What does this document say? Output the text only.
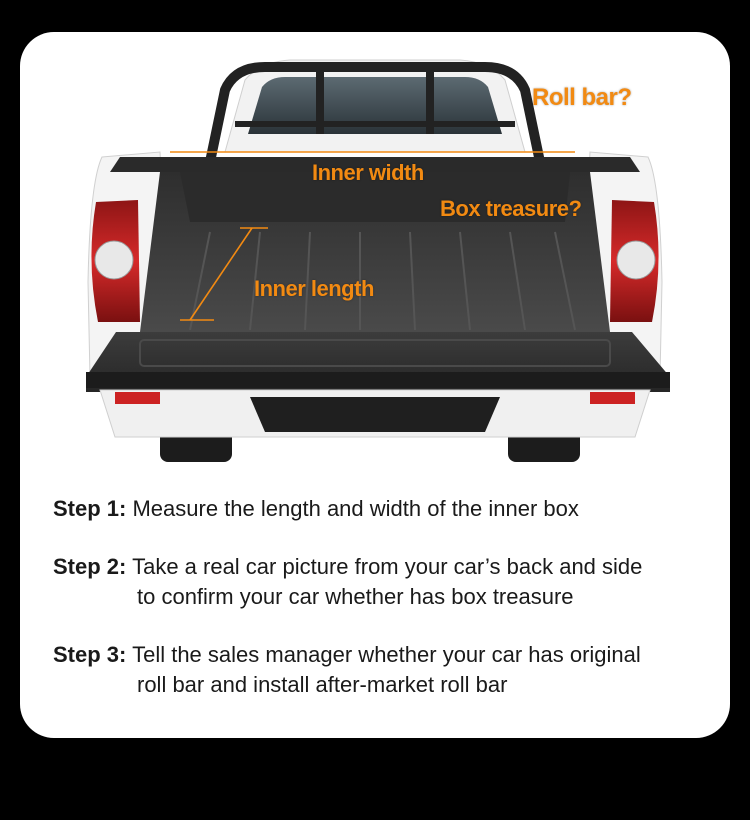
Roll bar?
Inner width
Box treasure?
Inner length
Step 1: Measure the length and width of the inner box
Step 2: Take a real car picture from your car’s back and side
to confirm your car whether has box treasure
Step 3: Tell the sales manager whether your car has original
roll bar and install after-market roll bar
